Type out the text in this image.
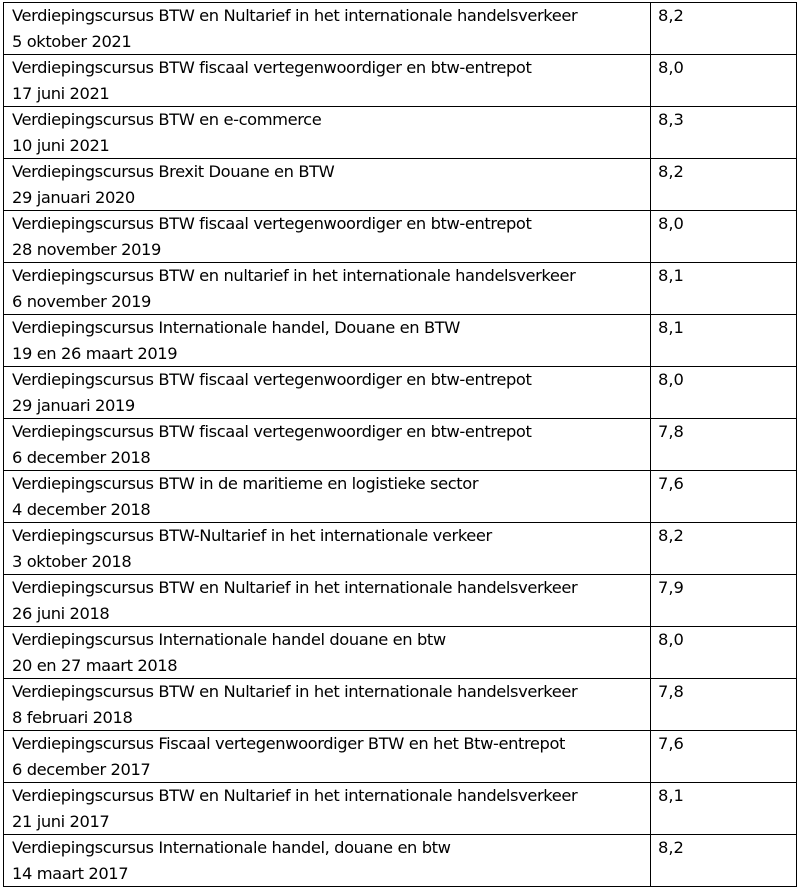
Verdiepingscursus BTW en Nultarief in het internationale handelsverkeer
5 oktober 2021	8,2

Verdiepingscursus BTW fiscaal vertegenwoordiger en btw-entrepot
17 juni 2021	8,0

Verdiepingscursus BTW en e-commerce
10 juni 2021	8,3

Verdiepingscursus Brexit Douane en BTW
29 januari 2020	8,2

Verdiepingscursus BTW fiscaal vertegenwoordiger en btw-entrepot
28 november 2019	8,0

Verdiepingscursus BTW en nultarief in het internationale handelsverkeer
6 november 2019	8,1

Verdiepingscursus Internationale handel, Douane en BTW
19 en 26 maart 2019	8,1

Verdiepingscursus BTW fiscaal vertegenwoordiger en btw-entrepot
29 januari 2019	8,0

Verdiepingscursus BTW fiscaal vertegenwoordiger en btw-entrepot
6 december 2018	7,8

Verdiepingscursus BTW in de maritieme en logistieke sector
4 december 2018	7,6

Verdiepingscursus BTW-Nultarief in het internationale verkeer
3 oktober 2018	8,2

Verdiepingscursus BTW en Nultarief in het internationale handelsverkeer
26 juni 2018	7,9

Verdiepingscursus Internationale handel douane en btw
20 en 27 maart 2018	8,0

Verdiepingscursus BTW en Nultarief in het internationale handelsverkeer
8 februari 2018	7,8

Verdiepingscursus Fiscaal vertegenwoordiger BTW en het Btw-entrepot
6 december 2017	7,6

Verdiepingscursus BTW en Nultarief in het internationale handelsverkeer
21 juni 2017	8,1

Verdiepingscursus Internationale handel, douane en btw
14 maart 2017	8,2
